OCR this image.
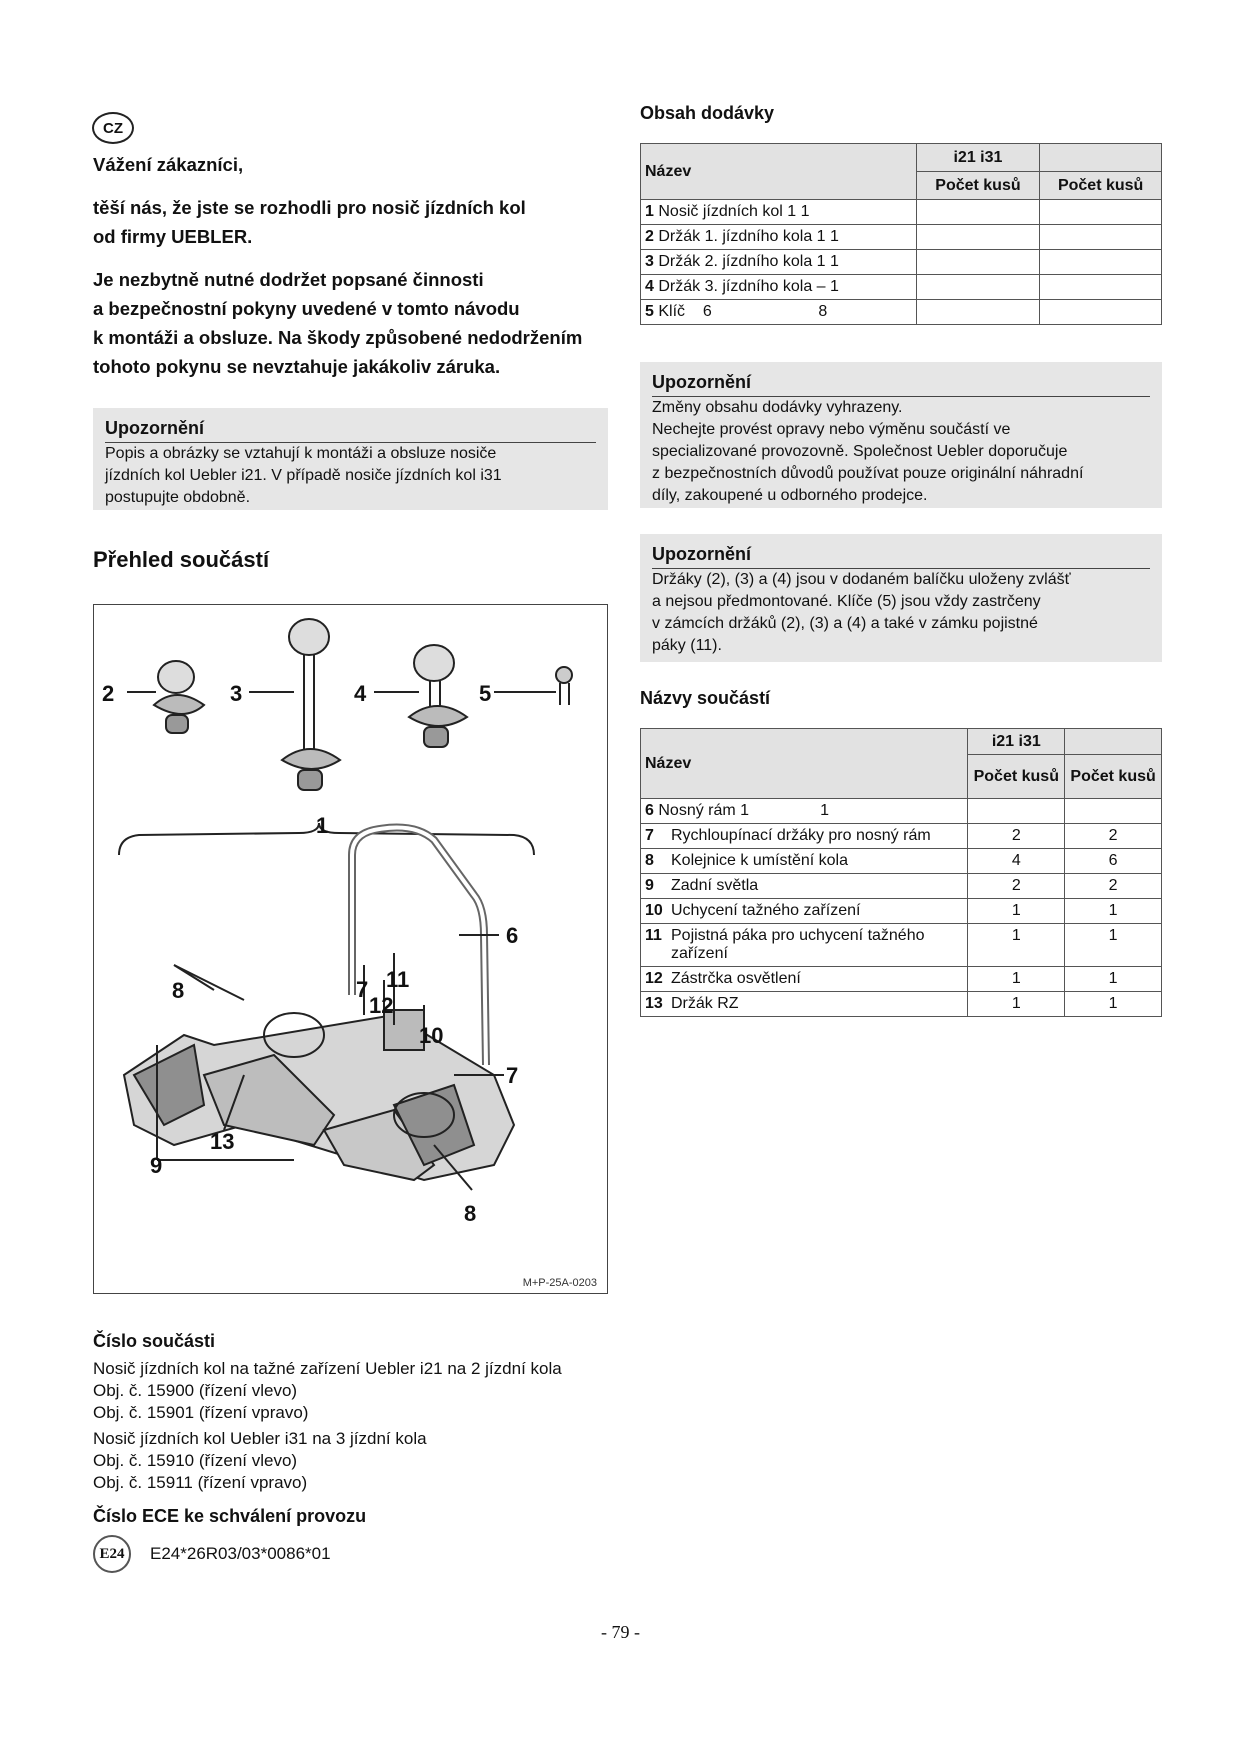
CZ

Vážení zákazníci,

těší nás, že jste se rozhodli pro nosič jízdních kol

od firmy UEBLER.

Je nezbytně nutné dodržet popsané činnosti

a bezpečnostní pokyny uvedené v tomto návodu

k montáži a obsluze. Na škody způsobené nedodržením

tohoto pokynu se nevztahuje jakákoliv záruka.

Upozornění
Popis a obrázky se vztahují k montáži a obsluze nosiče
jízdních kol Uebler i21. V případě nosiče jízdních kol i31
postupujte obdobně.
Přehled součástí
2	3	4	5
1
8	7 11
12
10
6
7
13
9
8
M+P-25A-0203
Číslo součásti
Nosič jízdních kol na tažné zařízení Uebler i21 na 2 jízdní kola
Obj. č. 15900 (řízení vlevo)
Obj. č. 15901 (řízení vpravo)
Nosič jízdních kol Uebler i31 na 3 jízdní kola
Obj. č. 15910 (řízení vlevo)
Obj. č. 15911 (řízení vpravo)
Číslo ECE ke schválení provozu
E24	E24*26R03/03*0086*01
Obsah dodávky
Název	i21 i31	
	Počet kusů	Počet kusů
1 Nosič jízdních kol 1 1		
2 Držák 1. jízdního kola 1 1		
3 Držák 2. jízdního kola 1 1		
4 Držák 3. jízdního kola – 1		
5 Klíč    6                        8		
Upozornění
Změny obsahu dodávky vyhrazeny.
Nechejte provést opravy nebo výměnu součástí ve
specializované provozovně. Společnost Uebler doporučuje
z bezpečnostních důvodů používat pouze originální náhradní
díly, zakoupené u odborného prodejce.
Upozornění
Držáky (2), (3) a (4) jsou v dodaném balíčku uloženy zvlášť
a nejsou předmontované. Klíče (5) jsou vždy zastrčeny
v zámcích držáků (2), (3) a (4) a také v zámku pojistné
páky (11).
Názvy součástí
Název	i21 i31	
	Počet kusů	Počet kusů
6 Nosný rám 1                1		
7 Rychloupínací držáky pro nosný rám	2	2
8 Kolejnice k umístění kola	4	6
9 Zadní světla	2	2
10 Uchycení tažného zařízení	1	1

11 Pojistná páka pro uchycení tažného zařízení	1	1
12 Zástrčka osvětlení	1	1
13 Držák RZ	1	1
- 79 -
